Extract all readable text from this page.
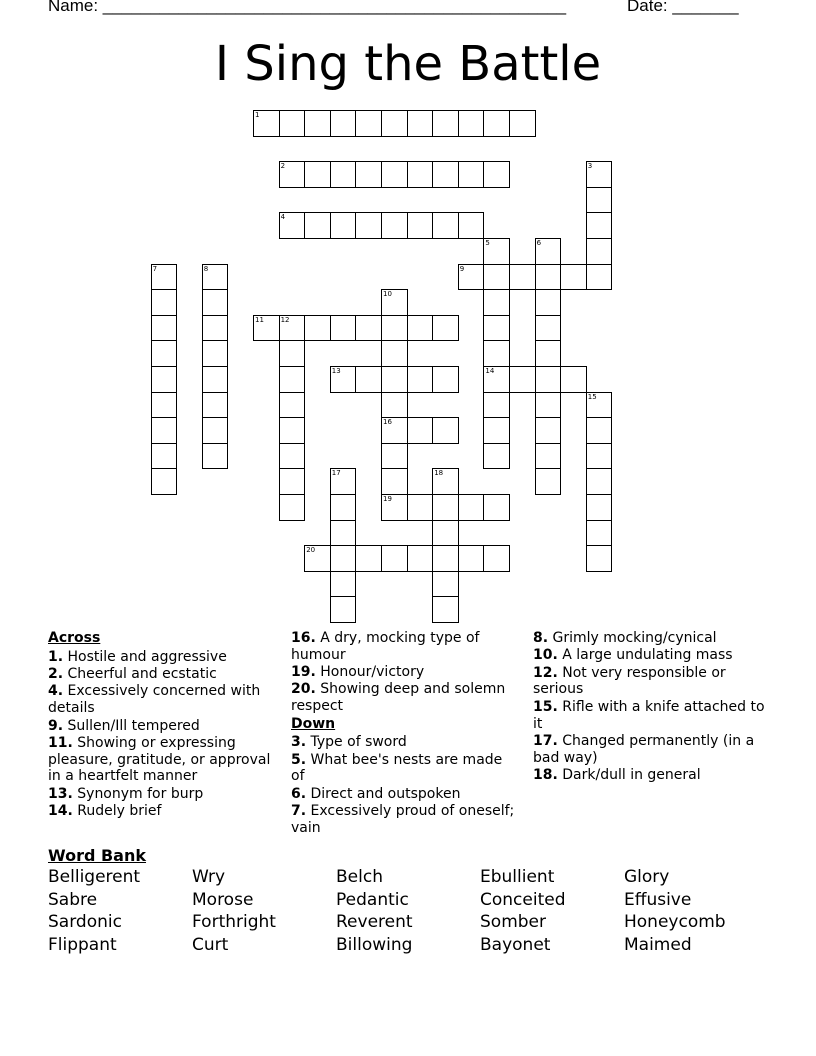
Name: _________________________________________________	Date: _______
I Sing the Battle
1
2	3
4
5
14
6
7	8	9
10
16
11 12
13
15
17	18
19
20
Across
1. Hostile and aggressive
2. Cheerful and ecstatic
4. Excessively concerned with details
9. Sullen/Ill tempered
11. Showing or expressing pleasure, gratitude, or approval in a heartfelt manner
13. Synonym for burp
14. Rudely brief
16. A dry, mocking type of humour
19. Honour/victory
20. Showing deep and solemn respect
Down
3. Type of sword
5. What bee's nests are made of
6. Direct and outspoken
7. Excessively proud of oneself; vain
8. Grimly mocking/cynical
10. A large undulating mass
12. Not very responsible or serious
15. Rifle with a knife attached to it
17. Changed permanently (in a bad way)
18. Dark/dull in general
Word Bank
Belligerent	Wry	Belch	Ebullient	Glory
Sabre	Morose	Pedantic	Conceited	Effusive
Sardonic	Forthright	Reverent	Somber	Honeycomb
Flippant	Curt	Billowing	Bayonet	Maimed
